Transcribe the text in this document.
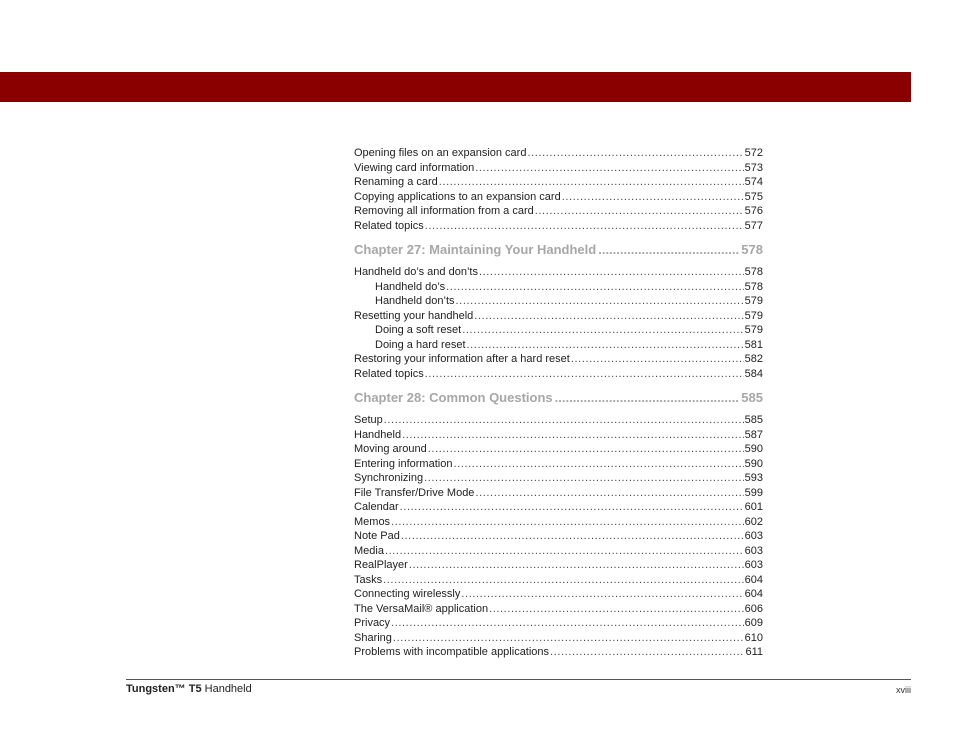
Opening files on an expansion card .....	572
Viewing card information .....	573
Renaming a card .....	574
Copying applications to an expansion card .....	575
Removing all information from a card .....	576
Related topics .....	577
Chapter 27: Maintaining Your Handheld .....	578
Handheld do’s and don’ts .....	578
Handheld do’s .....	578
Handheld don’ts .....	579
Resetting your handheld .....	579
Doing a soft reset .....	579
Doing a hard reset .....	581
Restoring your information after a hard reset .....	582
Related topics .....	584
Chapter 28: Common Questions .....	585
Setup .....	585
Handheld .....	587
Moving around .....	590
Entering information .....	590
Synchronizing .....	593
File Transfer/Drive Mode .....	599
Calendar .....	601
Memos .....	602
Note Pad .....	603
Media .....	603
RealPlayer .....	603
Tasks .....	604
Connecting wirelessly .....	604
The VersaMail® application .....	606
Privacy .....	609
Sharing .....	610
Problems with incompatible applications .....	611
Tungsten™ T5 Handheld	xviii
